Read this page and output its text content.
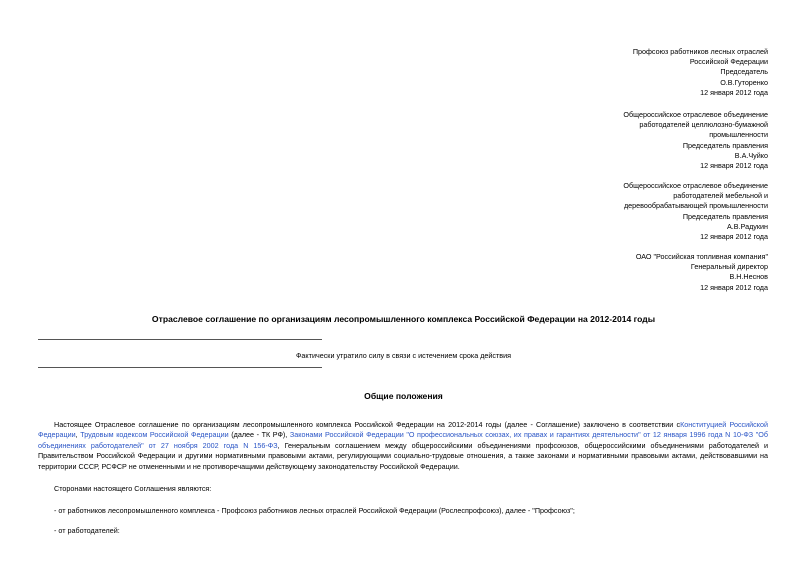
Профсоюз работников лесных отраслей
Российской Федерации
Председатель
О.В.Гуторенко
12 января 2012 года
Общероссийское отраслевое объединение
работодателей целлюлозно-бумажной
промышленности
Председатель правления
В.А.Чуйко
12 января 2012 года
Общероссийское отраслевое объединение
работодателей мебельной и
деревообрабатывающей промышленности
Председатель правления
А.В.Радукин
12 января 2012 года
ОАО "Российская топливная компания"
Генеральный директор
В.Н.Неснов
12 января 2012 года
Отраслевое соглашение по организациям лесопромышленного комплекса Российской Федерации на 2012-2014 годы
Фактически утратило силу в связи с истечением срока действия
Общие положения
Настоящее Отраслевое соглашение по организациям лесопромышленного комплекса Российской Федерации на 2012-2014 годы (далее - Соглашение) заключено в соответствии сКонституцией Российской Федерации, Трудовым кодексом Российской Федерации (далее - ТК РФ), Законами Российской Федерации "О профессиональных союзах, их правах и гарантиях деятельности" от 12 января 1996 года N 10-ФЗ "Об объединениях работодателей" от 27 ноября 2002 года N 156-ФЗ, Генеральным соглашением между общероссийскими объединениями профсоюзов, общероссийскими объединениями работодателей и Правительством Российской Федерации и другими нормативными правовыми актами, регулирующими социально-трудовые отношения, а также законами и нормативными правовыми актами, действовавшими на территории СССР, РСФСР не отмененными и не противоречащими действующему законодательству Российской Федерации.
Сторонами настоящего Соглашения являются:
- от работников лесопромышленного комплекса - Профсоюз работников лесных отраслей Российской Федерации (Рослеспрофсоюз), далее - "Профсоюз";
- от работодателей:
